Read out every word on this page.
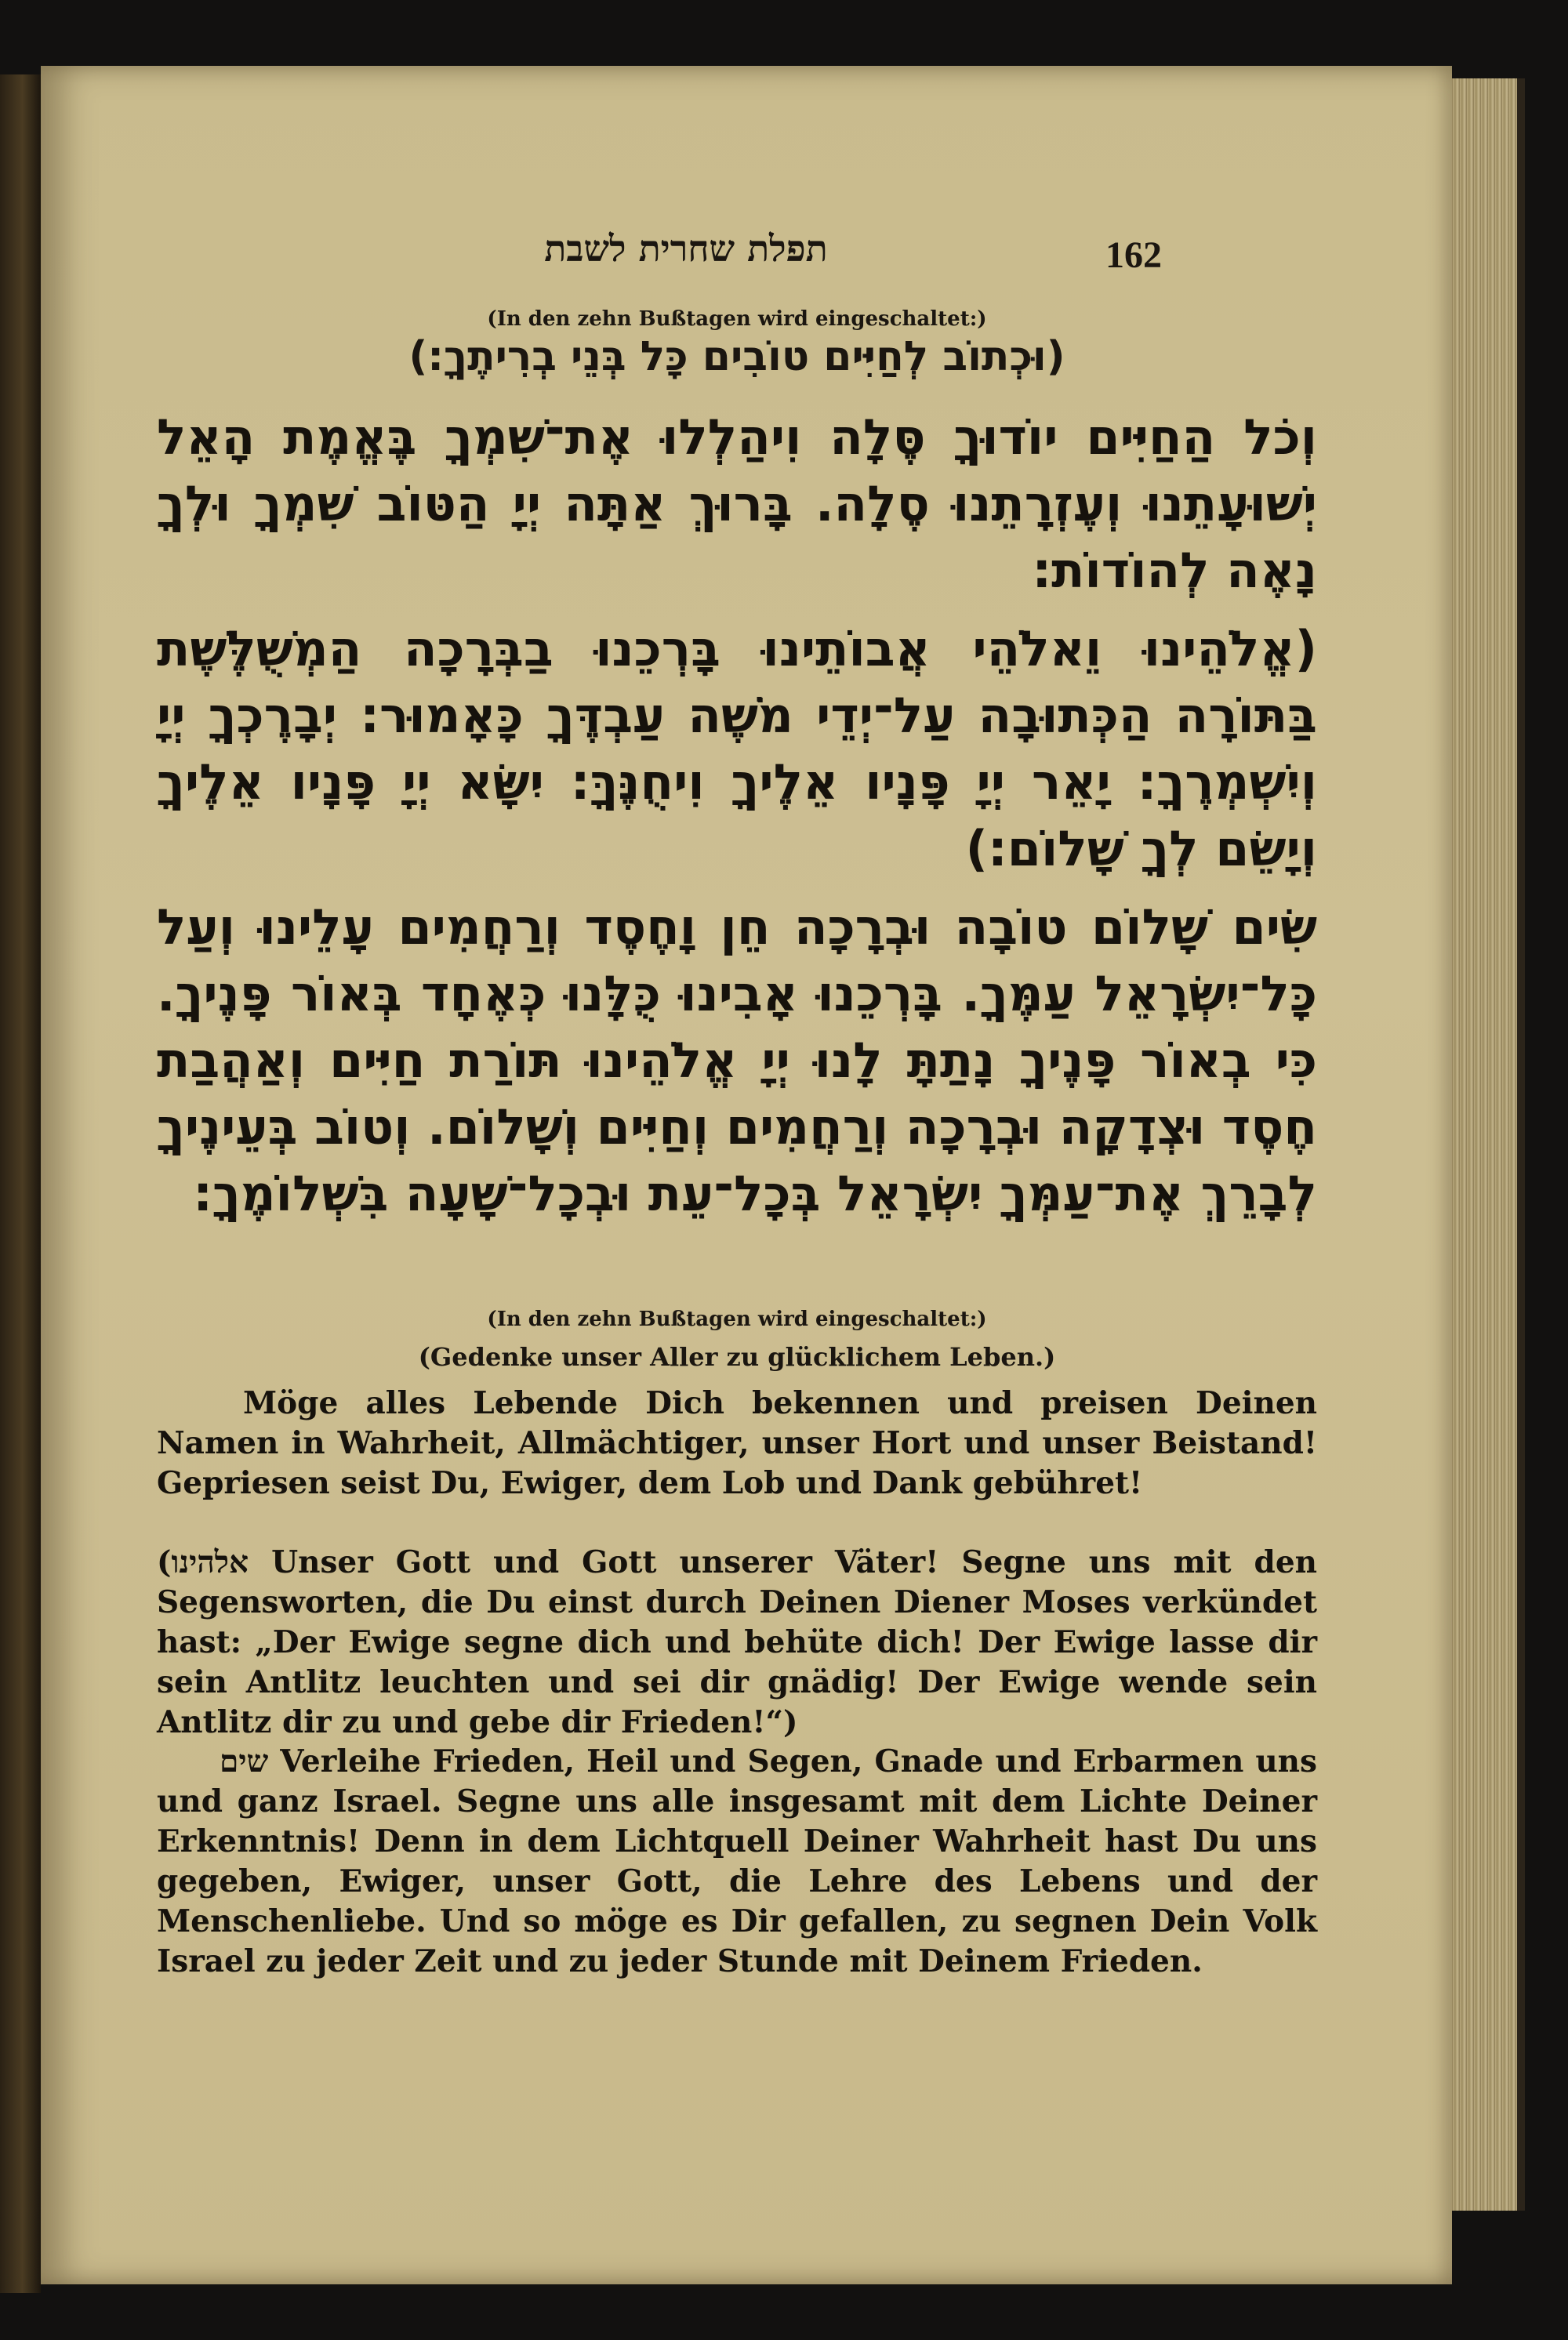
תפלת שחרית לשבת	162
(In den zehn Bußtagen wird eingeschaltet:)
(וּכְתוֹב לְחַיִּים טוֹבִים כָּל בְּנֵי בְרִיתֶךָ:)

וְכֹל הַחַיִּים יוֹדוּךָ סֶּלָה וִיהַלְלוּ אֶת־שִׁמְךָ בֶּאֱמֶת הָאֵל יְשׁוּעָתֵנוּ וְעֶזְרָתֵנוּ סֶלָה. בָּרוּךְ אַתָּה יְיָ הַטּוֹב שִׁמְךָ וּלְךָ נָאֶה לְהוֹדוֹת:

(אֱלֹהֵינוּ וֵאלֹהֵי אֲבוֹתֵינוּ בָּרְכֵנוּ בַבְּרָכָה הַמְשֻׁלֶּשֶׁת בַּתּוֹרָה הַכְּתוּבָה עַל־יְדֵי מֹשֶׁה עַבְדֶּךָ כָּאָמוּר: יְבָרֶכְךָ יְיָ וְיִשְׁמְרֶךָ: יָאֵר יְיָ פָּנָיו אֵלֶיךָ וִיחֻנֶּךָּ: יִשָּׂא יְיָ פָּנָיו אֵלֶיךָ וְיָשֵׂם לְךָ שָׁלוֹם:)

שִׂים שָׁלוֹם טוֹבָה וּבְרָכָה חֵן וָחֶסֶד וְרַחֲמִים עָלֵינוּ וְעַל כָּל־יִשְׂרָאֵל עַמֶּךָ. בָּרְכֵנוּ אָבִינוּ כֻּלָּנוּ כְּאֶחָד בְּאוֹר פָּנֶיךָ. כִּי בְאוֹר פָּנֶיךָ נָתַתָּ לָנוּ יְיָ אֱלֹהֵינוּ תּוֹרַת חַיִּים וְאַהֲבַת חֶסֶד וּצְדָקָה וּבְרָכָה וְרַחֲמִים וְחַיִּים וְשָׁלוֹם. וְטוֹב בְּעֵינֶיךָ לְבָרֵךְ אֶת־עַמְּךָ יִשְׂרָאֵל בְּכָל־עֵת וּבְכָל־שָׁעָה בִּשְׁלוֹמֶךָ:

(In den zehn Bußtagen wird eingeschaltet:)
(Gedenke unser Aller zu glücklichem Leben.)

Möge alles Lebende Dich bekennen und preisen Deinen Namen in Wahrheit, Allmächtiger, unser Hort und unser Beistand! Gepriesen seist Du, Ewiger, dem Lob und Dank gebühret!

(אלהינו Unser Gott und Gott unserer Väter! Segne uns mit den Segensworten, die Du einst durch Deinen Diener Moses verkündet hast: „Der Ewige segne dich und behüte dich! Der Ewige lasse dir sein Antlitz leuchten und sei dir gnädig! Der Ewige wende sein Antlitz dir zu und gebe dir Frieden!“)

שים Verleihe Frieden, Heil und Segen, Gnade und Erbarmen uns und ganz Israel. Segne uns alle insgesamt mit dem Lichte Deiner Erkenntnis! Denn in dem Lichtquell Deiner Wahrheit hast Du uns gegeben, Ewiger, unser Gott, die Lehre des Lebens und der Menschenliebe. Und so möge es Dir gefallen, zu segnen Dein Volk Israel zu jeder Zeit und zu jeder Stunde mit Deinem Frieden.
